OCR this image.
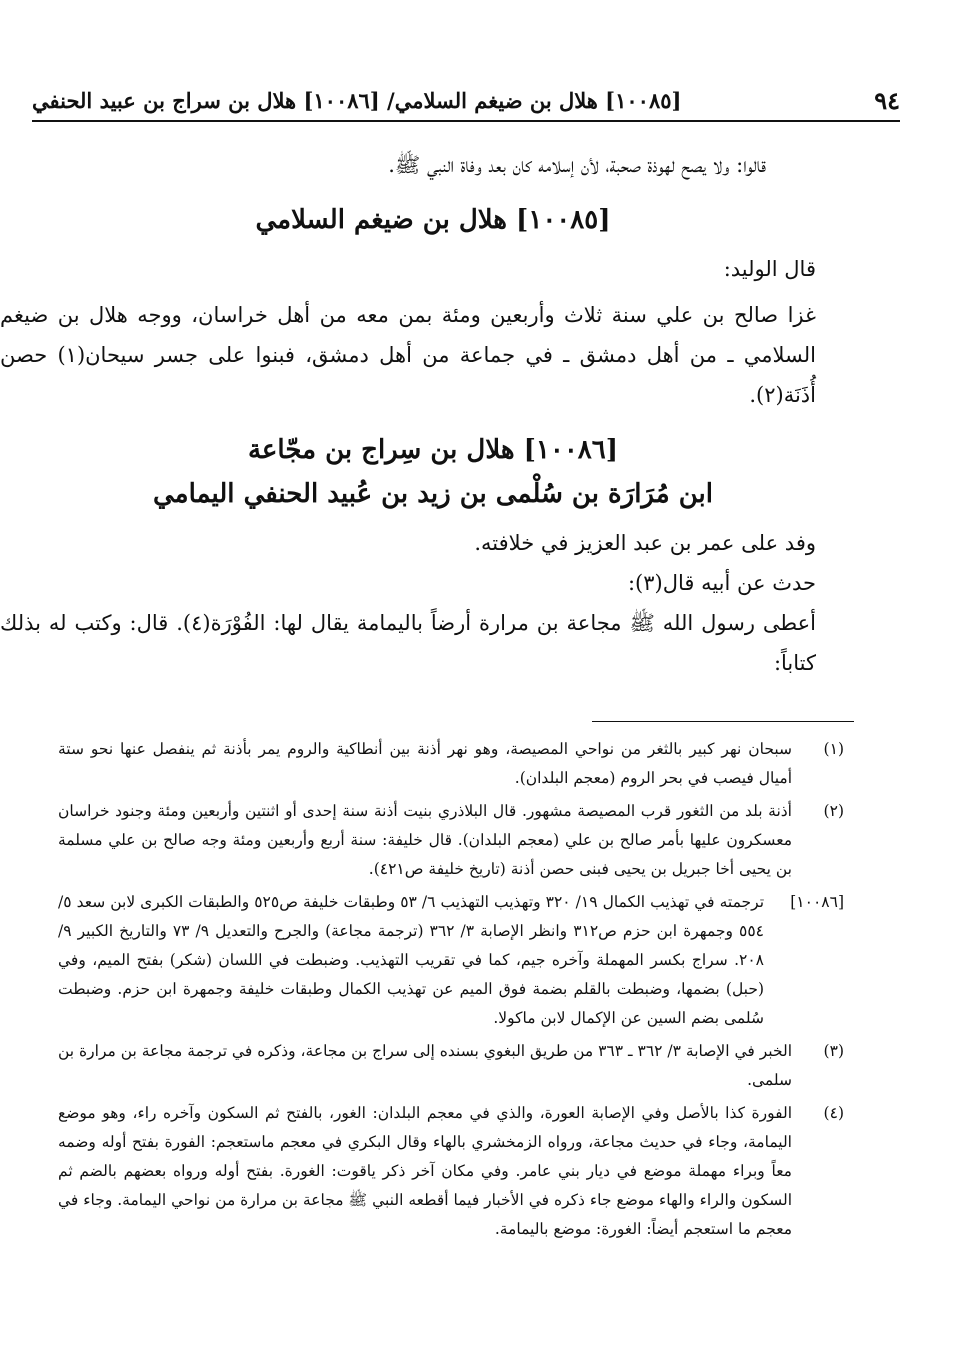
٩٤
[١٠٠٨٥] هلال بن ضيغم السلامي/ [١٠٠٨٦] هلال بن سراج بن عبيد الحنفي

قالوا: ولا يصح لهوذة صحبة، لأن إسلامه كان بعد وفاة النبي ﷺ.

[١٠٠٨٥] هلال بن ضيغم السلامي

قال الوليد:

غزا صالح بن علي سنة ثلاث وأربعين ومئة بمن معه من أهل خراسان، ووجه هلال بن ضيغم السلامي ـ من أهل دمشق ـ في جماعة من أهل دمشق، فبنوا على جسر سيحان(١) حصن أُذَنَة(٢).

[١٠٠٨٦] هلال بن سِراج بن مجّاعة

ابن مُرَارَة بن سُلْمى بن زيد بن عُبيد الحنفي اليمامي

وفد على عمر بن عبد العزيز في خلافته.

حدث عن أبيه قال(٣):

أعطى رسول الله ﷺ مجاعة بن مرارة أرضاً باليمامة يقال لها: الفُوْرَة(٤). قال: وكتب له بذلك كتاباً:

(١)
سبحان نهر كبير بالثغر من نواحي المصيصة، وهو نهر أذنة بين أنطاكية والروم يمر بأذنة ثم ينفصل عنها نحو ستة أميال فيصب في بحر الروم (معجم البلدان).
(٢)
أذنة بلد من الثغور قرب المصيصة مشهور. قال البلاذري بنيت أذنة سنة إحدى أو اثنتين وأربعين ومئة وجنود خراسان معسكرون عليها بأمر صالح بن علي (معجم البلدان). قال خليفة: سنة أربع وأربعين ومئة وجه صالح بن علي مسلمة بن يحيى أخا جبريل بن يحيى فبنى حصن أذنة (تاريخ خليفة ص٤٢١).
[١٠٠٨٦]
ترجمته في تهذيب الكمال ١٩/ ٣٢٠ وتهذيب التهذيب ٦/ ٥٣ وطبقات خليفة ص٥٢٥ والطبقات الكبرى لابن سعد ٥/ ٥٥٤ وجمهرة ابن حزم ص٣١٢ وانظر الإصابة ٣/ ٣٦٢ (ترجمة مجاعة) والجرح والتعديل ٩/ ٧٣ والتاريخ الكبير ٩/ ٢٠٨. سراج بكسر المهملة وآخره جيم، كما في تقريب التهذيب. وضبطت في اللسان (شكر) بفتح الميم، وفي (حبل) بضمها، وضبطت بالقلم بضمة فوق الميم عن تهذيب الكمال وطبقات خليفة وجمهرة ابن حزم. وضبطت سُلمى بضم السين عن الإكمال لابن ماكولا.
(٣)
الخبر في الإصابة ٣/ ٣٦٢ ـ ٣٦٣ من طريق البغوي بسنده إلى سراج بن مجاعة، وذكره في ترجمة مجاعة بن مرارة بن سلمى.
(٤)
الفورة كذا بالأصل وفي الإصابة العورة، والذي في معجم البلدان: الغور، بالفتح ثم السكون وآخره راء، وهو موضع اليمامة، وجاء في حديث مجاعة، ورواه الزمخشري بالهاء وقال البكري في معجم ماستعجم: الفورة بفتح أوله وضمه معاً وبراء مهملة موضع في ديار بني عامر. وفي مكان آخر ذكر ياقوت: الغورة. بفتح أوله ورواه بعضهم بالضم ثم السكون والراء والهاء موضع جاء ذكره في الأخبار فيما أقطعه النبي ﷺ مجاعة بن مرارة من نواحي اليمامة. وجاء في معجم ما استعجم أيضاً: الغورة: موضع باليمامة.
